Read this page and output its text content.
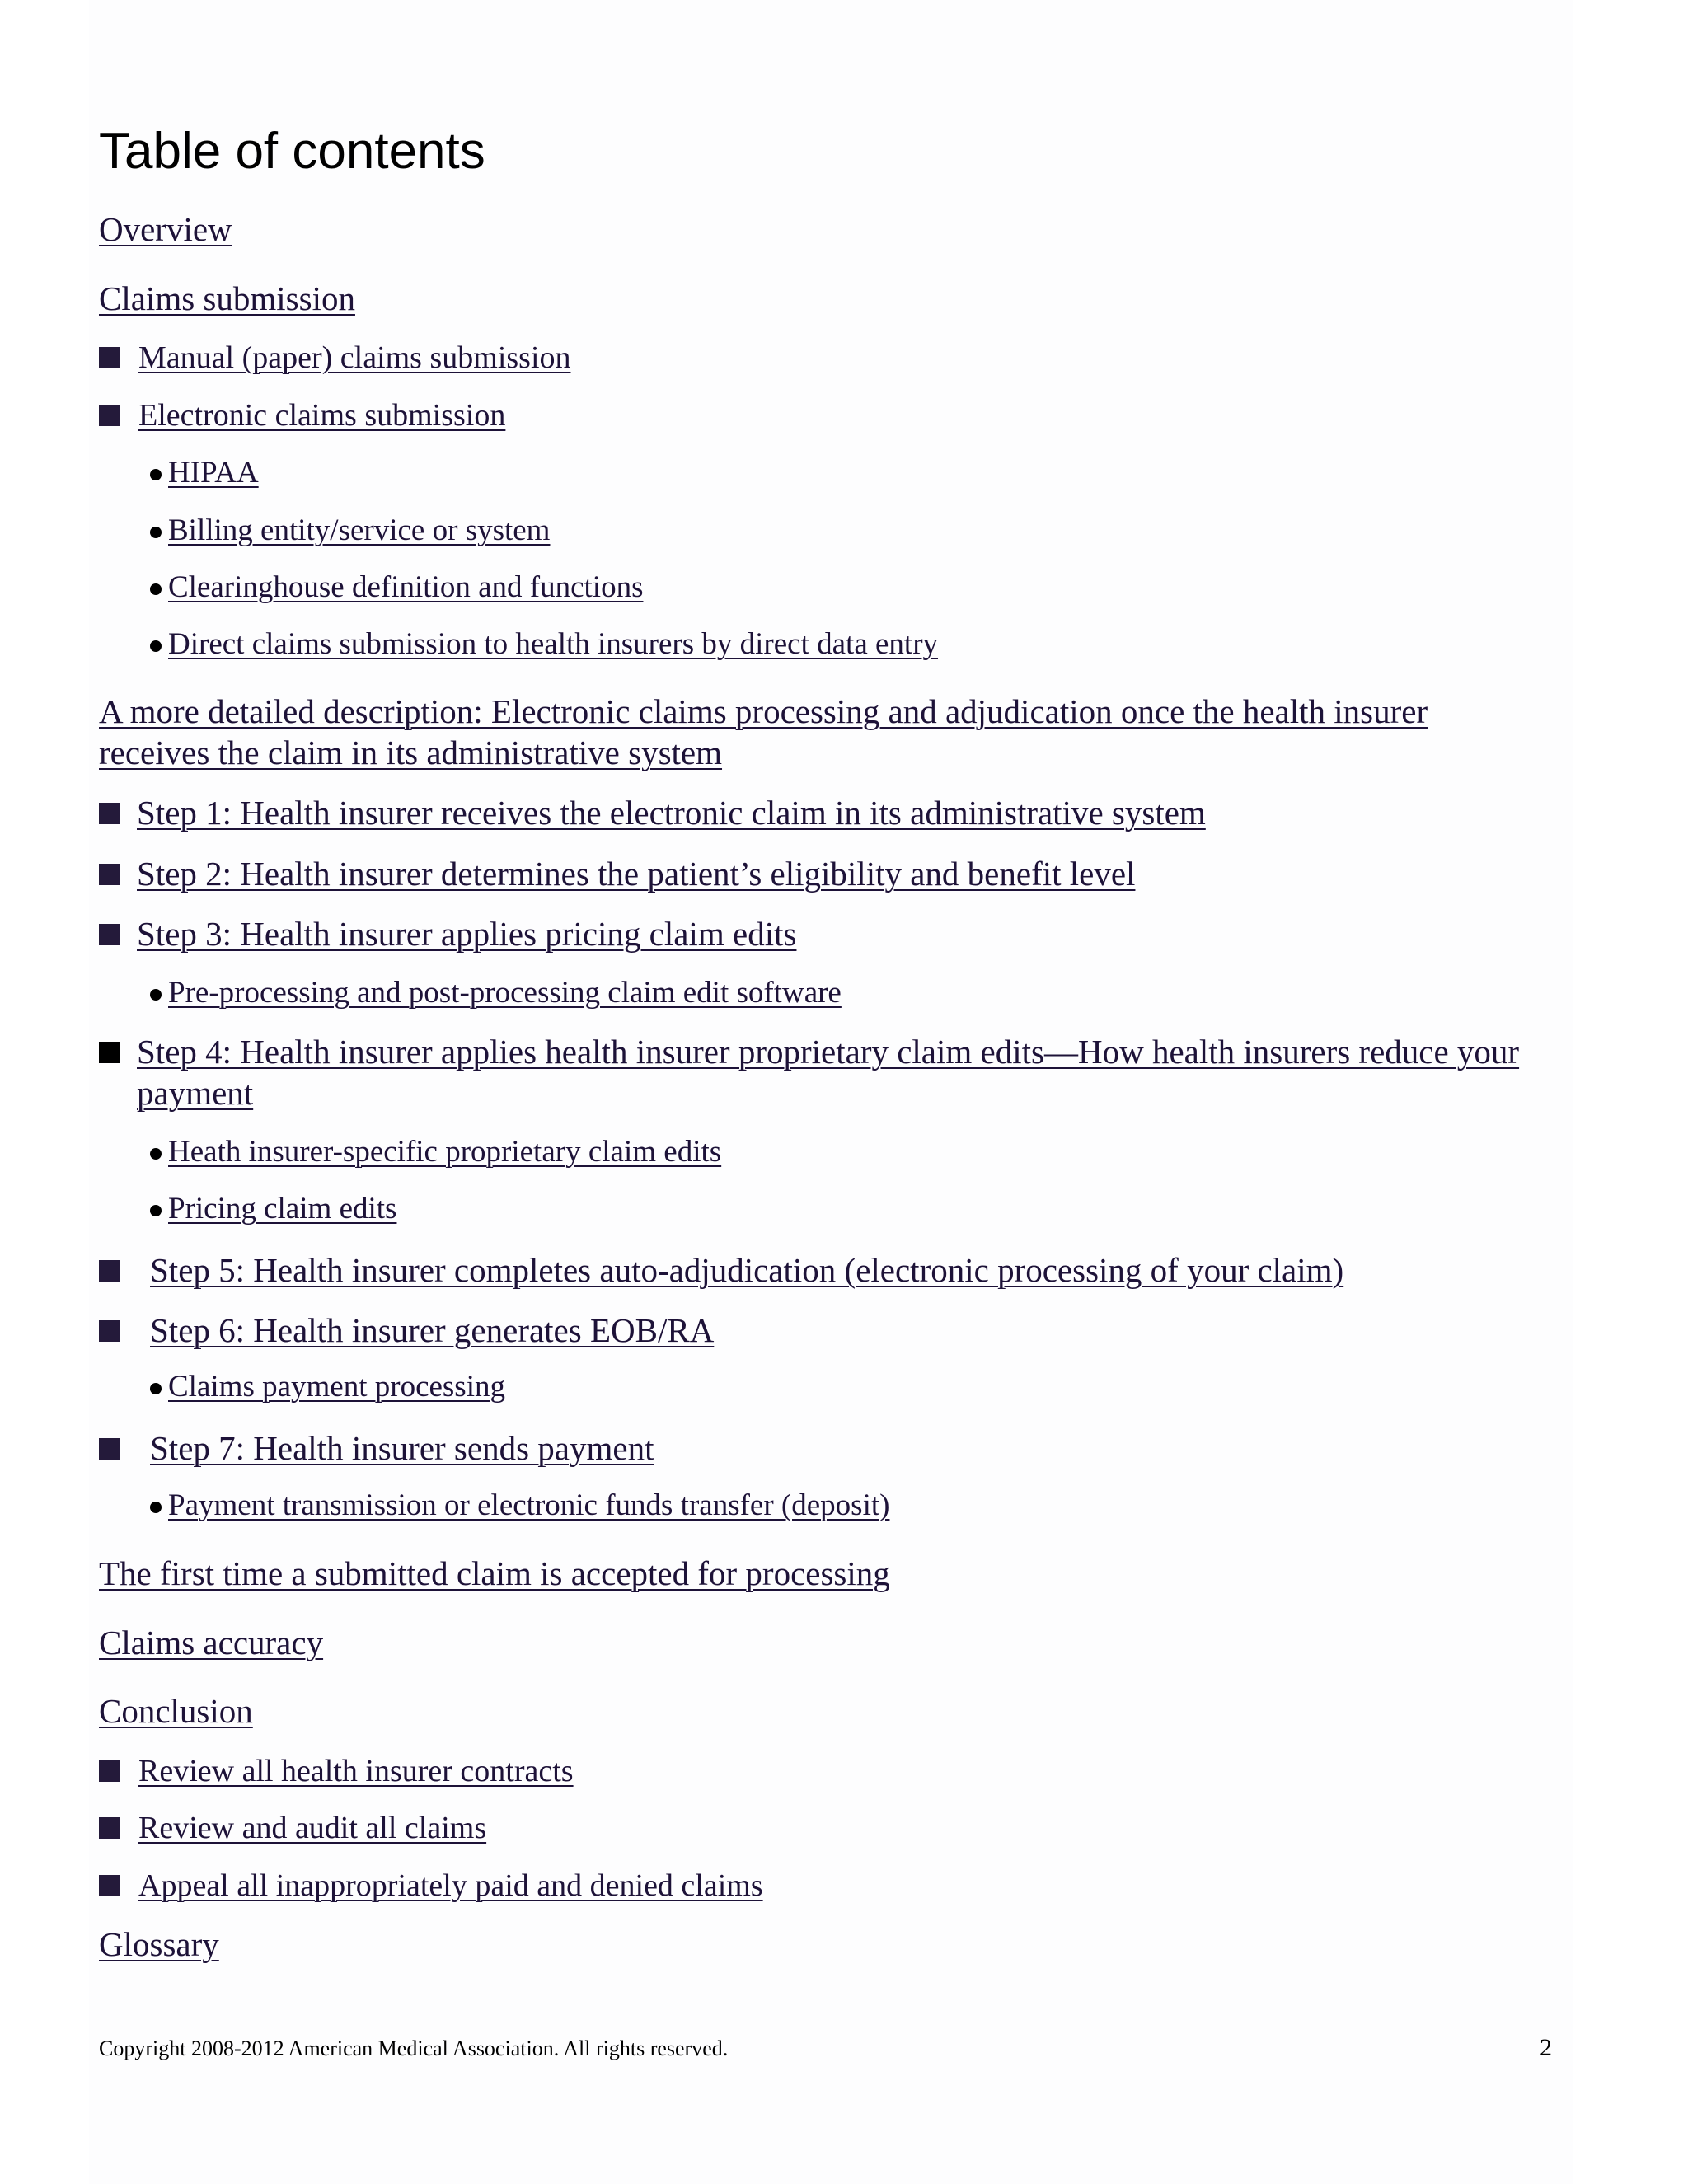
Table of contents
Overview
Claims submission
Manual (paper) claims submission
Electronic claims submission
HIPAA
Billing entity/service or system
Clearinghouse definition and functions
Direct claims submission to health insurers by direct data entry
A more detailed description: Electronic claims processing and adjudication once the health insurer receives the claim in its administrative system
Step 1: Health insurer receives the electronic claim in its administrative system
Step 2: Health insurer determines the patient’s eligibility and benefit level
Step 3: Health insurer applies pricing claim edits
Pre-processing and post-processing claim edit software
Step 4: Health insurer applies health insurer proprietary claim edits—How health insurers reduce your payment
Heath insurer-specific proprietary claim edits
Pricing claim edits
Step 5: Health insurer completes auto-adjudication (electronic processing of your claim)
Step 6: Health insurer generates EOB/RA
Claims payment processing
Step 7: Health insurer sends payment
Payment transmission or electronic funds transfer (deposit)
The first time a submitted claim is accepted for processing
Claims accuracy
Conclusion
Review all health insurer contracts
Review and audit all claims
Appeal all inappropriately paid and denied claims
Glossary
Copyright 2008-2012 American Medical Association. All rights reserved.	2
